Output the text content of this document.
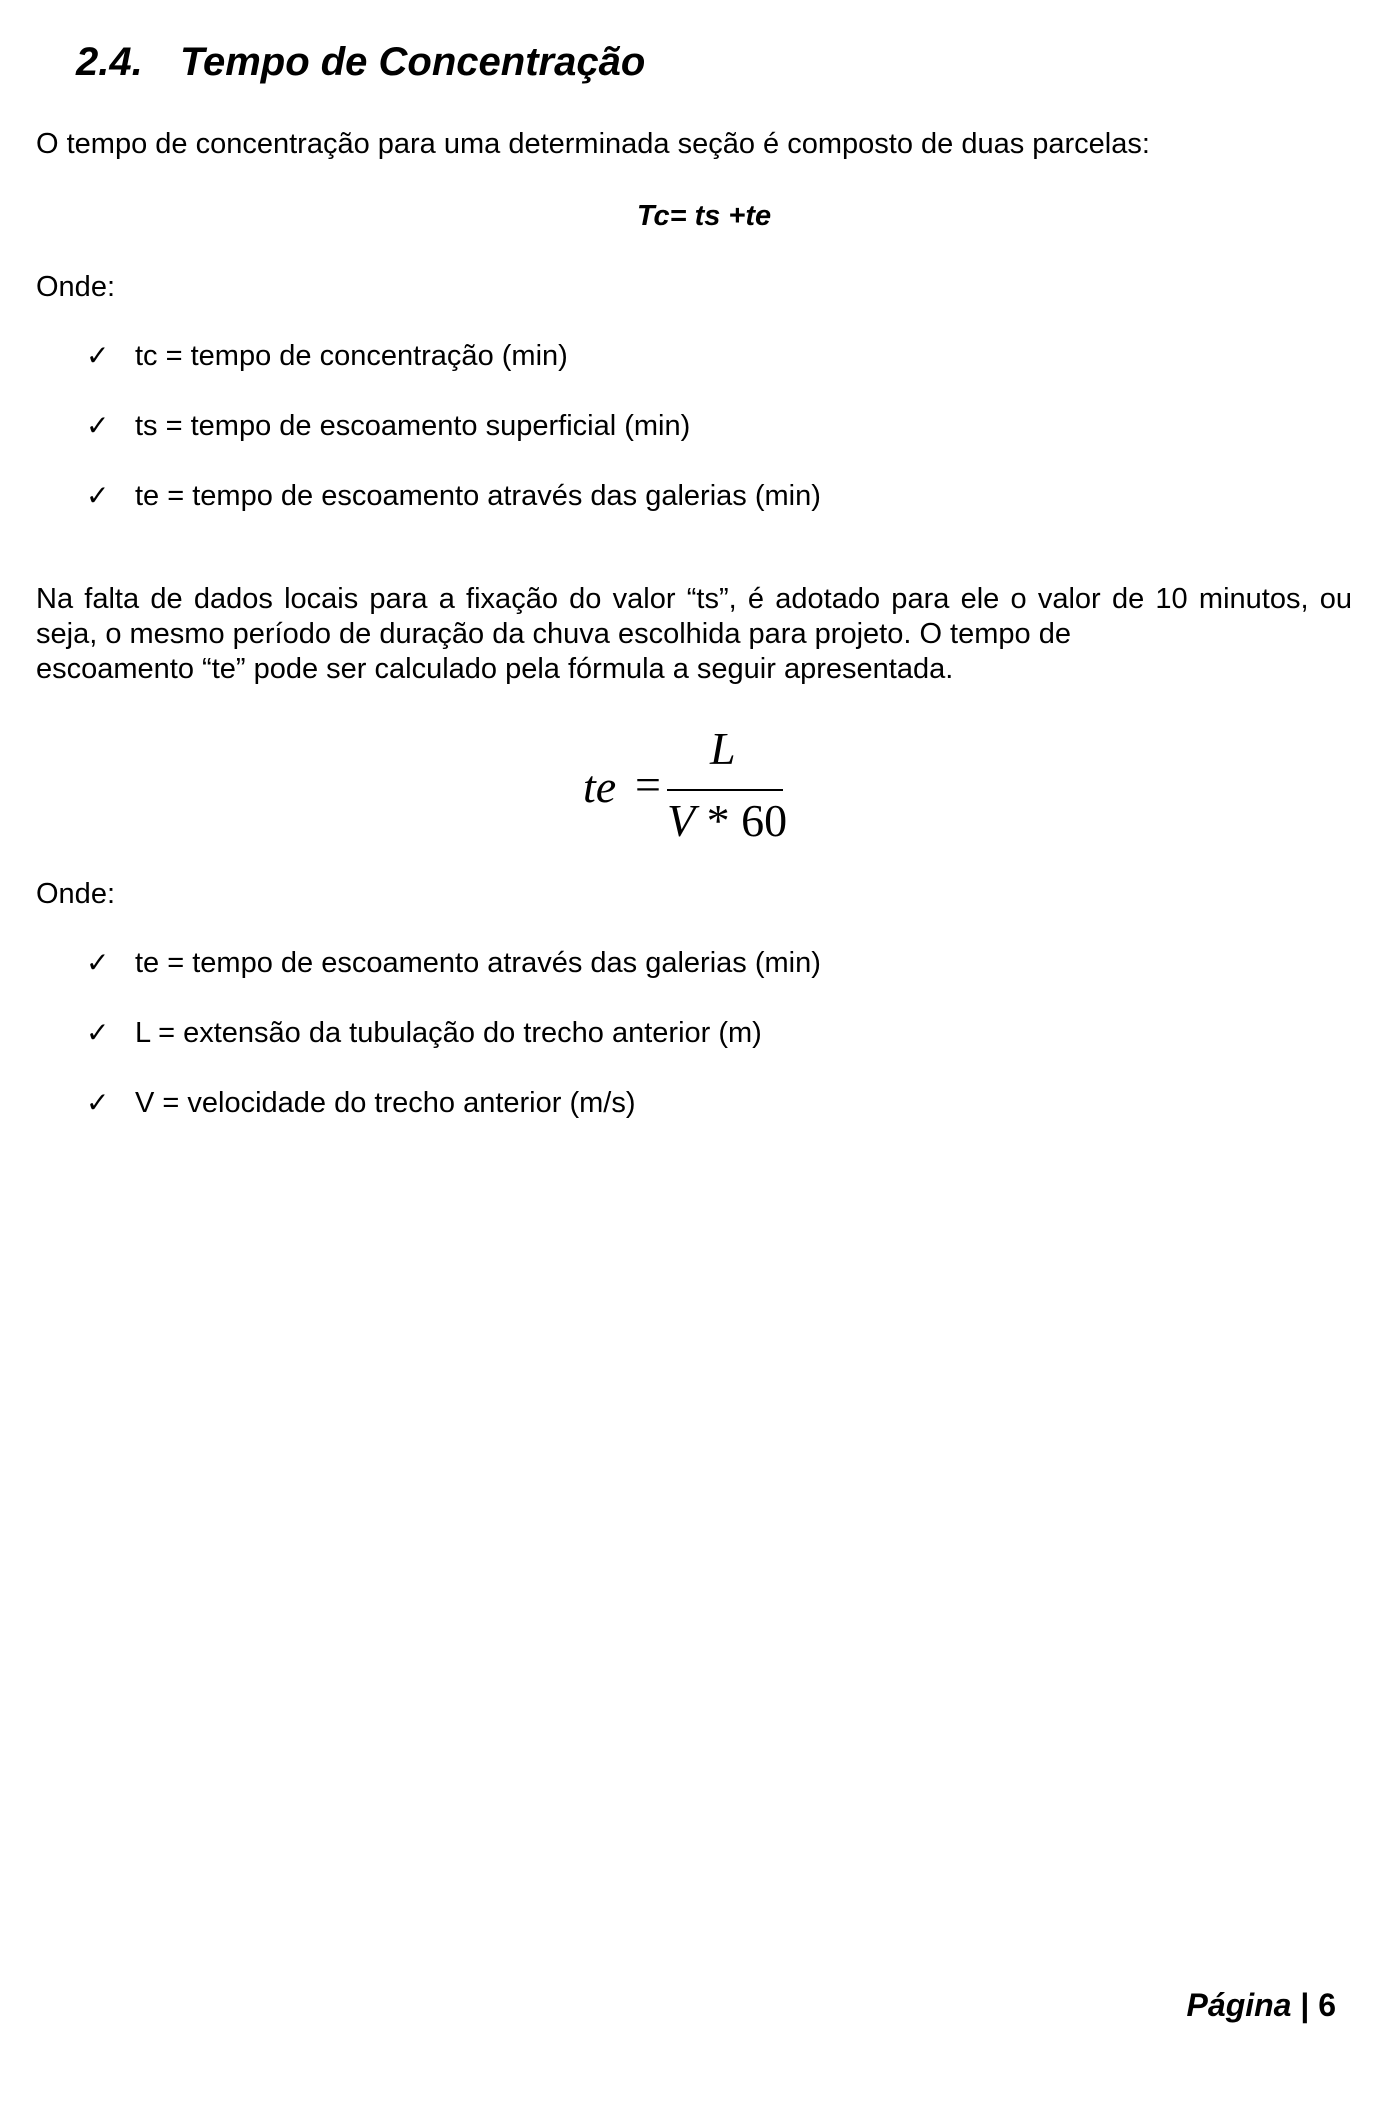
2.4. Tempo de Concentração
O tempo de concentração para uma determinada seção é composto de duas parcelas:
Tc= ts +te
Onde:
✓ tc = tempo de concentração (min)
✓ ts = tempo de escoamento superficial (min)
✓ te = tempo de escoamento através das galerias (min)
Na falta de dados locais para a fixação do valor “ts”, é adotado para ele o valor de 10 minutos, ou seja, o mesmo período de duração da chuva escolhida para projeto. O tempo de
escoamento “te” pode ser calculado pela fórmula a seguir apresentada.
te =
L
V * 60
Onde:
✓ te = tempo de escoamento através das galerias (min)
✓ L = extensão da tubulação do trecho anterior (m)
✓ V = velocidade do trecho anterior (m/s)
Página | 6
